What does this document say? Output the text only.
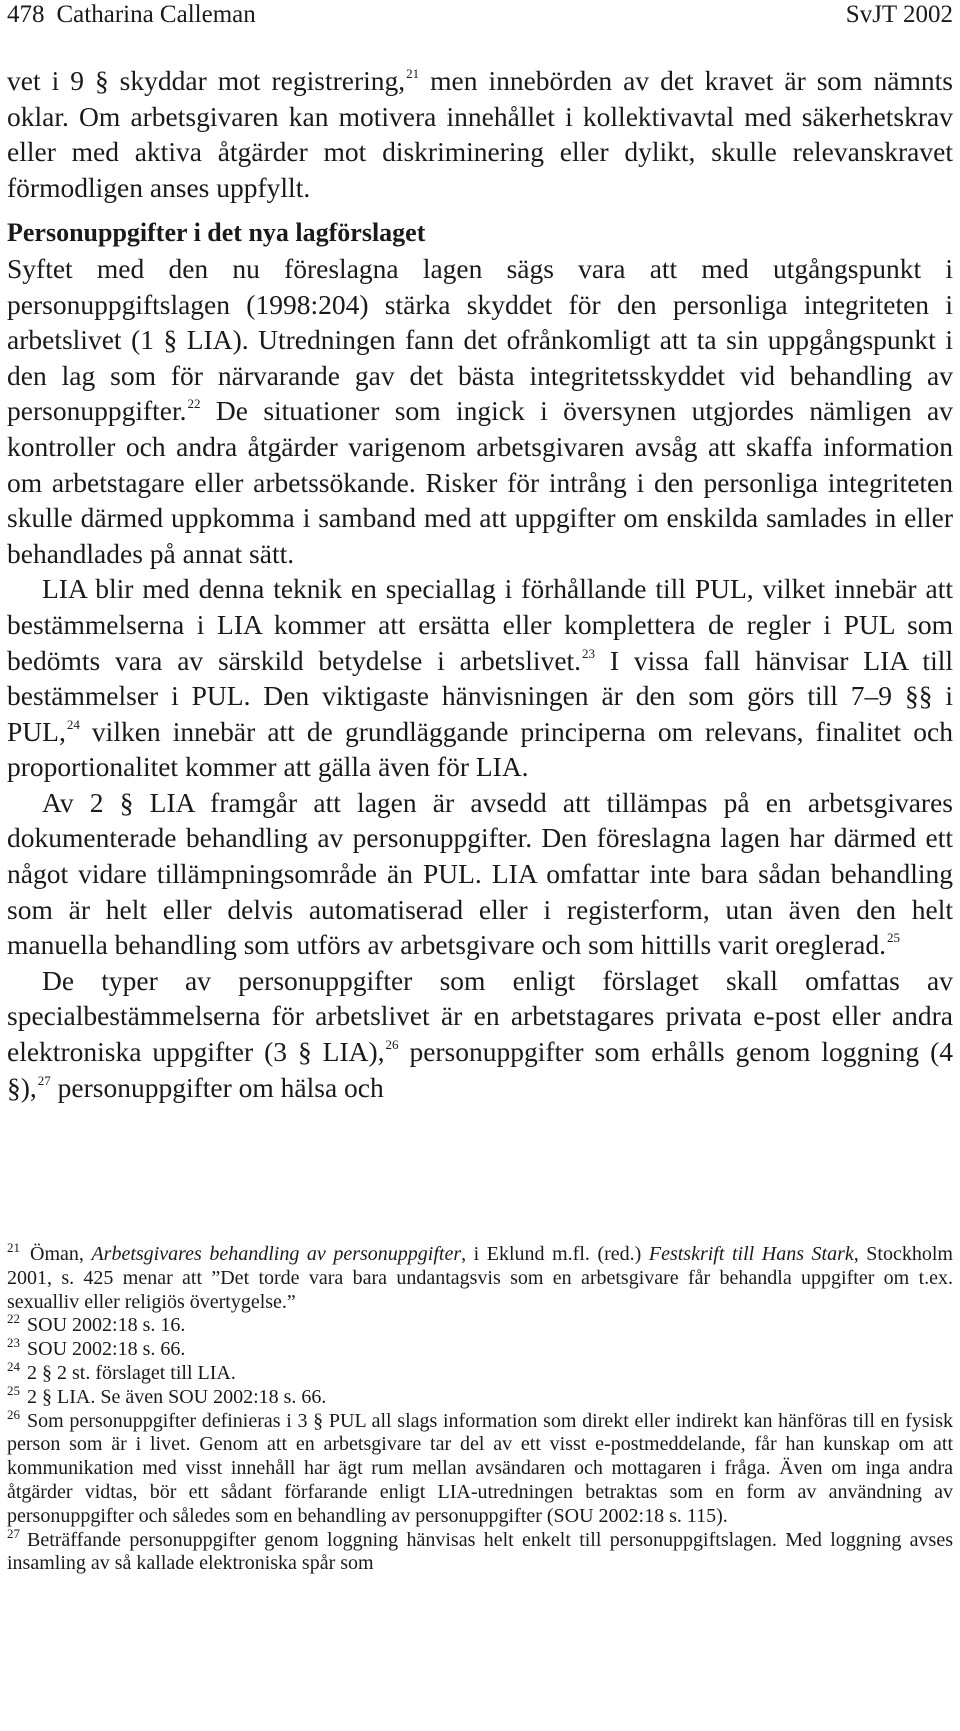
478 Catharina Calleman	SvJT 2002

vet i 9 § skyddar mot registrering,$^{21}$ men innebörden av det kravet är som nämnts oklar. Om arbetsgivaren kan motivera innehållet i kollektivavtal med säkerhetskrav eller med aktiva åtgärder mot diskriminering eller dylikt, skulle relevanskravet förmodligen anses uppfyllt.

Personuppgifter i det nya lagförslaget

Syftet med den nu föreslagna lagen sägs vara att med utgångspunkt i personuppgiftslagen (1998:204) stärka skyddet för den personliga integriteten i arbetslivet (1 § LIA). Utredningen fann det ofrånkomligt att ta sin uppgångspunkt i den lag som för närvarande gav det bästa integritetsskyddet vid behandling av personuppgifter.$^{22}$ De situationer som ingick i översynen utgjordes nämligen av kontroller och andra åtgärder varigenom arbetsgivaren avsåg att skaffa information om arbetstagare eller arbetssökande. Risker för intrång i den personliga integriteten skulle därmed uppkomma i samband med att uppgifter om enskilda samlades in eller behandlades på annat sätt.

LIA blir med denna teknik en speciallag i förhållande till PUL, vilket innebär att bestämmelserna i LIA kommer att ersätta eller komplettera de regler i PUL som bedömts vara av särskild betydelse i arbetslivet.$^{23}$ I vissa fall hänvisar LIA till bestämmelser i PUL. Den viktigaste hänvisningen är den som görs till 7–9 §§ i PUL,$^{24}$ vilken innebär att de grundläggande principerna om relevans, finalitet och proportionalitet kommer att gälla även för LIA.

Av 2 § LIA framgår att lagen är avsedd att tillämpas på en arbetsgivares dokumenterade behandling av personuppgifter. Den föreslagna lagen har därmed ett något vidare tillämpningsområde än PUL. LIA omfattar inte bara sådan behandling som är helt eller delvis automatiserad eller i registerform, utan även den helt manuella behandling som utförs av arbetsgivare och som hittills varit oreglerad.$^{25}$

De typer av personuppgifter som enligt förslaget skall omfattas av specialbestämmelserna för arbetslivet är en arbetstagares privata e-post eller andra elektroniska uppgifter (3 § LIA),$^{26}$ personuppgifter som erhålls genom loggning (4 §),$^{27}$ personuppgifter om hälsa och

$^{21}$ Öman, Arbetsgivares behandling av personuppgifter, i Eklund m.fl. (red.) Festskrift till Hans Stark, Stockholm 2001, s. 425 menar att ”Det torde vara bara undantagsvis som en arbetsgivare får behandla uppgifter om t.ex. sexualliv eller religiös övertygelse.”

$^{22}$ SOU 2002:18 s. 16.

$^{23}$ SOU 2002:18 s. 66.

$^{24}$ 2 § 2 st. förslaget till LIA.

$^{25}$ 2 § LIA. Se även SOU 2002:18 s. 66.

$^{26}$ Som personuppgifter definieras i 3 § PUL all slags information som direkt eller indirekt kan hänföras till en fysisk person som är i livet. Genom att en arbetsgivare tar del av ett visst e-postmeddelande, får han kunskap om att kommunikation med visst innehåll har ägt rum mellan avsändaren och mottagaren i fråga. Även om inga andra åtgärder vidtas, bör ett sådant förfarande enligt LIA-utredningen betraktas som en form av användning av personuppgifter och således som en behandling av personuppgifter (SOU 2002:18 s. 115).

$^{27}$ Beträffande personuppgifter genom loggning hänvisas helt enkelt till personuppgiftslagen. Med loggning avses insamling av så kallade elektroniska spår som
